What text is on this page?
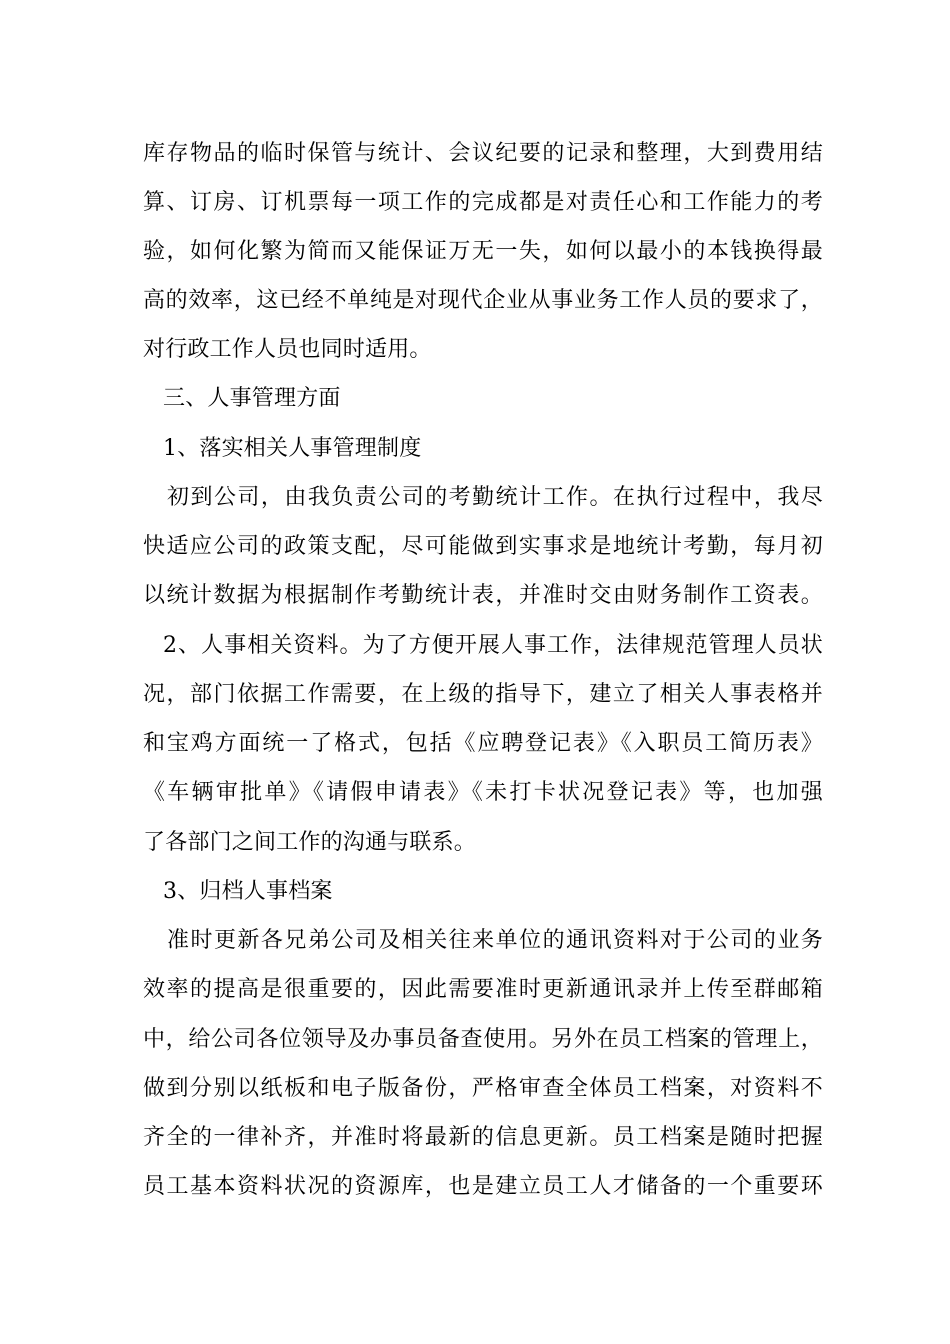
库存物品的临时保管与统计、会议纪要的记录和整理，大到费用结
算、订房、订机票每一项工作的完成都是对责任心和工作能力的考
验，如何化繁为简而又能保证万无一失，如何以最小的本钱换得最
高的效率，这已经不单纯是对现代企业从事业务工作人员的要求了，
对行政工作人员也同时适用。
三、人事管理方面
1、落实相关人事管理制度
初到公司，由我负责公司的考勤统计工作。在执行过程中，我尽
快适应公司的政策支配，尽可能做到实事求是地统计考勤，每月初
以统计数据为根据制作考勤统计表，并准时交由财务制作工资表。
2、人事相关资料。为了方便开展人事工作，法律规范管理人员状
况，部门依据工作需要，在上级的指导下，建立了相关人事表格并
和宝鸡方面统一了格式，包括《应聘登记表》《入职员工简历表》
《车辆审批单》《请假申请表》《未打卡状况登记表》等，也加强
了各部门之间工作的沟通与联系。
3、归档人事档案
准时更新各兄弟公司及相关往来单位的通讯资料对于公司的业务
效率的提高是很重要的，因此需要准时更新通讯录并上传至群邮箱
中，给公司各位领导及办事员备查使用。另外在员工档案的管理上，
做到分别以纸板和电子版备份，严格审查全体员工档案，对资料不
齐全的一律补齐，并准时将最新的信息更新。员工档案是随时把握
员工基本资料状况的资源库，也是建立员工人才储备的一个重要环
